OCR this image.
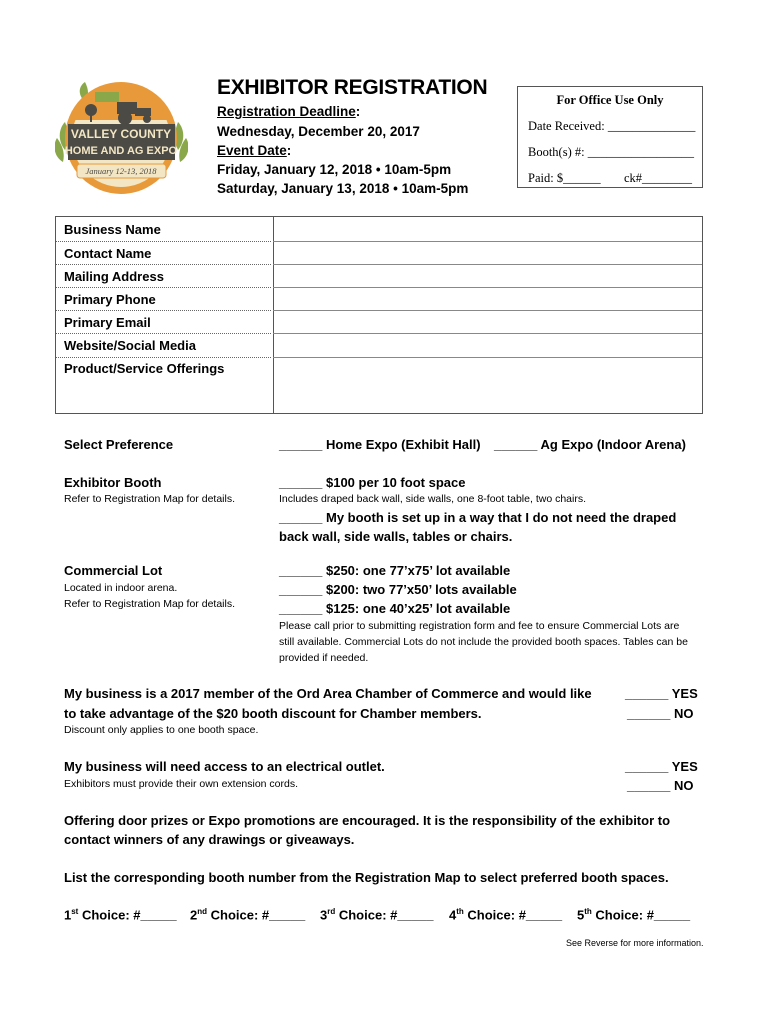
VALLEY COUNTY
HOME AND AG EXPO
January 12-13, 2018
EXHIBITOR REGISTRATION
Registration Deadline:
Wednesday, December 20, 2017
Event Date:
Friday, January 12, 2018 • 10am-5pm
Saturday, January 13, 2018 • 10am-5pm
For Office Use Only
Date Received: ______________
Booth(s) #: _________________
Paid: $______ ck#________
Business Name
Contact Name
Mailing Address
Primary Phone
Primary Email
Website/Social Media
Product/Service Offerings
Select Preference	______ Home Expo (Exhibit Hall) ______ Ag Expo (Indoor Arena)
Exhibitor Booth
Refer to Registration Map for details.
______ $100 per 10 foot space
Includes draped back wall, side walls, one 8-foot table, two chairs.
______ My booth is set up in a way that I do not need the draped
back wall, side walls, tables or chairs.
Commercial Lot
Located in indoor arena.
Refer to Registration Map for details.
______ $250: one 77’x75’ lot available
______ $200: two 77’x50’ lots available
______ $125: one 40’x25’ lot available
Please call prior to submitting registration form and fee to ensure Commercial Lots are still available. Commercial Lots do not include the provided booth spaces. Tables can be provided if needed.
My business is a 2017 member of the Ord Area Chamber of Commerce and would like
to take advantage of the $20 booth discount for Chamber members.
Discount only applies to one booth space.
______ YES
______ NO
My business will need access to an electrical outlet.
Exhibitors must provide their own extension cords.
______ YES
______ NO
Offering door prizes or Expo promotions are encouraged. It is the responsibility of the exhibitor to
contact winners of any drawings or giveaways.
List the corresponding booth number from the Registration Map to select preferred booth spaces.
1st Choice: #_____ 2nd Choice: #_____ 3rd Choice: #_____ 4th Choice: #_____ 5th Choice: #_____
See Reverse for more information.
